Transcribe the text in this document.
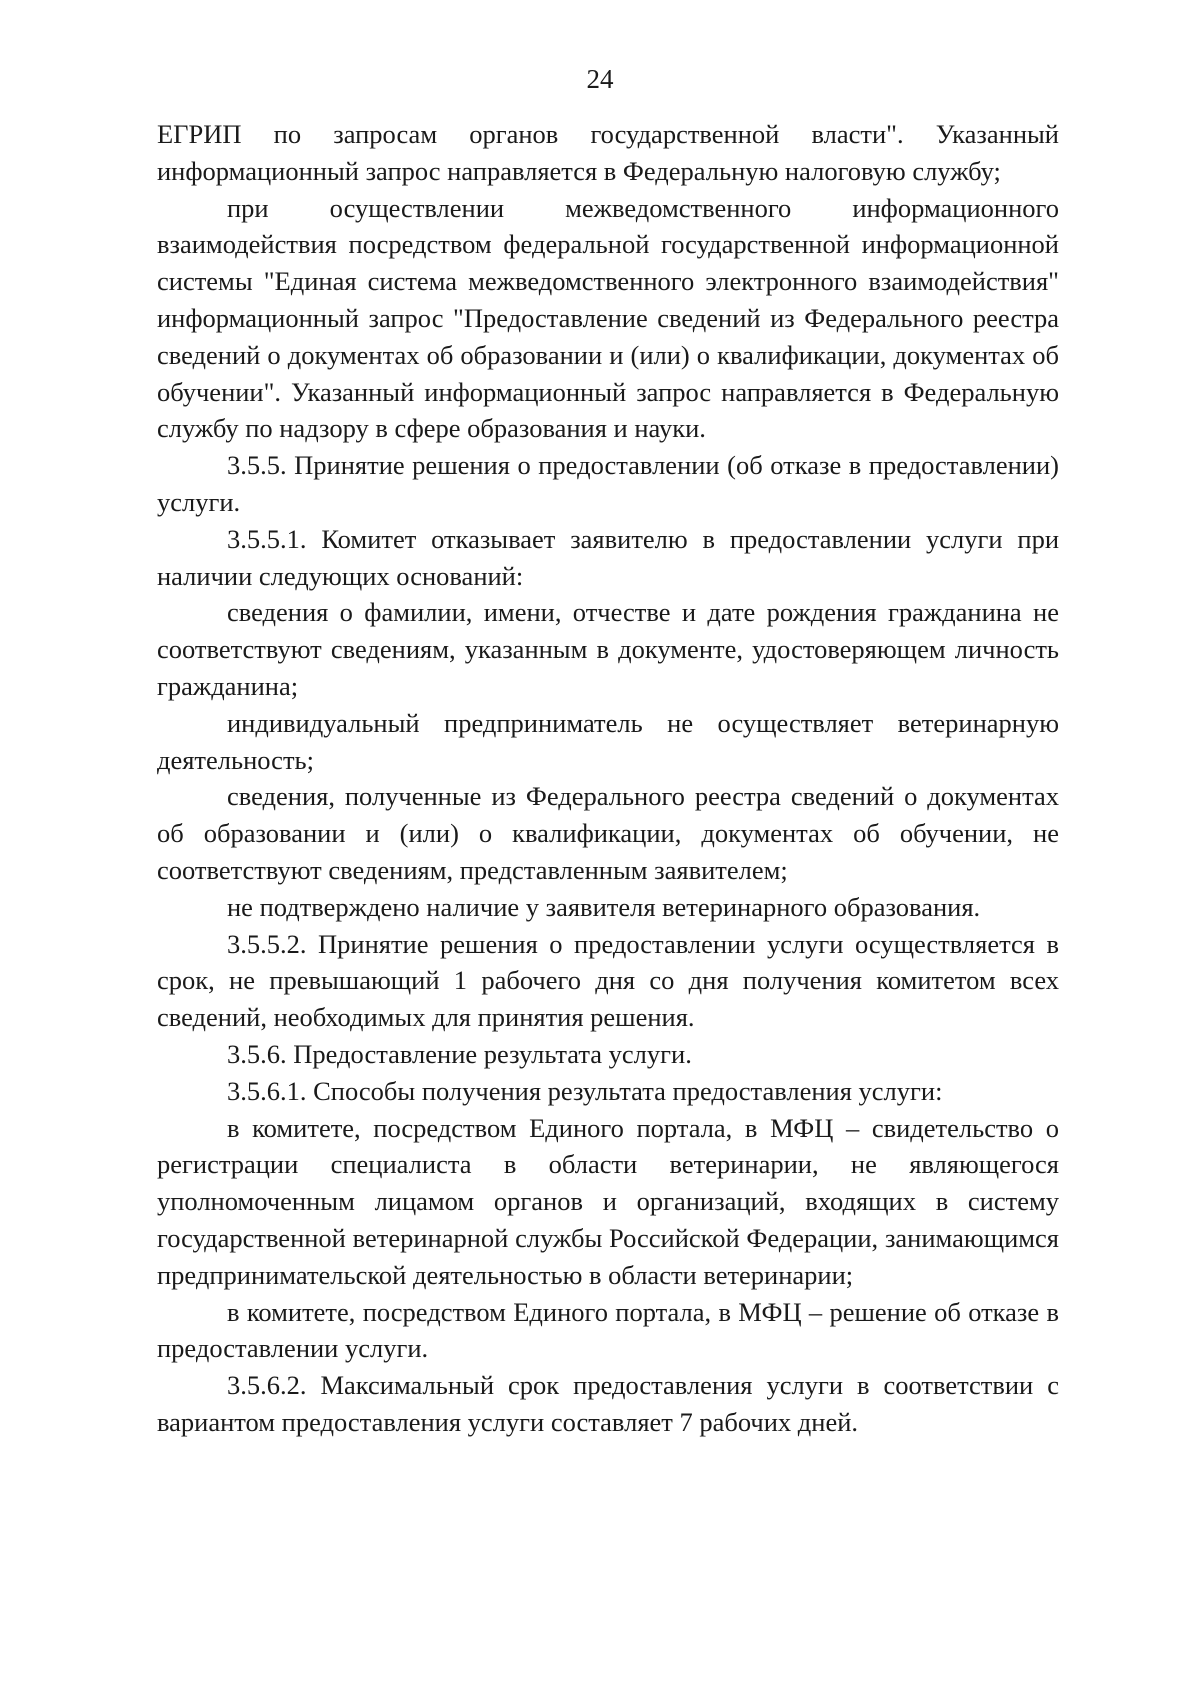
24

ЕГРИП по запросам органов государственной власти". Указанный информационный запрос направляется в Федеральную налоговую службу;

при осуществлении межведомственного информационного взаимодействия посредством федеральной государственной информационной системы "Единая система межведомственного электронного взаимодействия" информационный запрос "Предоставление сведений из Федерального реестра сведений о документах об образовании и (или) о квалификации, документах об обучении". Указанный информационный запрос направляется в Федеральную службу по надзору в сфере образования и науки.

3.5.5. Принятие решения о предоставлении (об отказе в предоставлении) услуги.

3.5.5.1. Комитет отказывает заявителю в предоставлении услуги при наличии следующих оснований:

сведения о фамилии, имени, отчестве и дате рождения гражданина не соответствуют сведениям, указанным в документе, удостоверяющем личность гражданина;

индивидуальный предприниматель не осуществляет ветеринарную деятельность;

сведения, полученные из Федерального реестра сведений о документах об образовании и (или) о квалификации, документах об обучении, не соответствуют сведениям, представленным заявителем;

не подтверждено наличие у заявителя ветеринарного образования.

3.5.5.2. Принятие решения о предоставлении услуги осуществляется в срок, не превышающий 1 рабочего дня со дня получения комитетом всех сведений, необходимых для принятия решения.

3.5.6. Предоставление результата услуги.

3.5.6.1. Способы получения результата предоставления услуги:

в комитете, посредством Единого портала, в МФЦ – свидетельство о регистрации специалиста в области ветеринарии, не являющегося уполномоченным лицамом органов и организаций, входящих в систему государственной ветеринарной службы Российской Федерации, занимающимся предпринимательской деятельностью в области ветеринарии;

в комитете, посредством Единого портала, в МФЦ – решение об отказе в предоставлении услуги.

3.5.6.2. Максимальный срок предоставления услуги в соответствии с вариантом предоставления услуги составляет 7 рабочих дней.
